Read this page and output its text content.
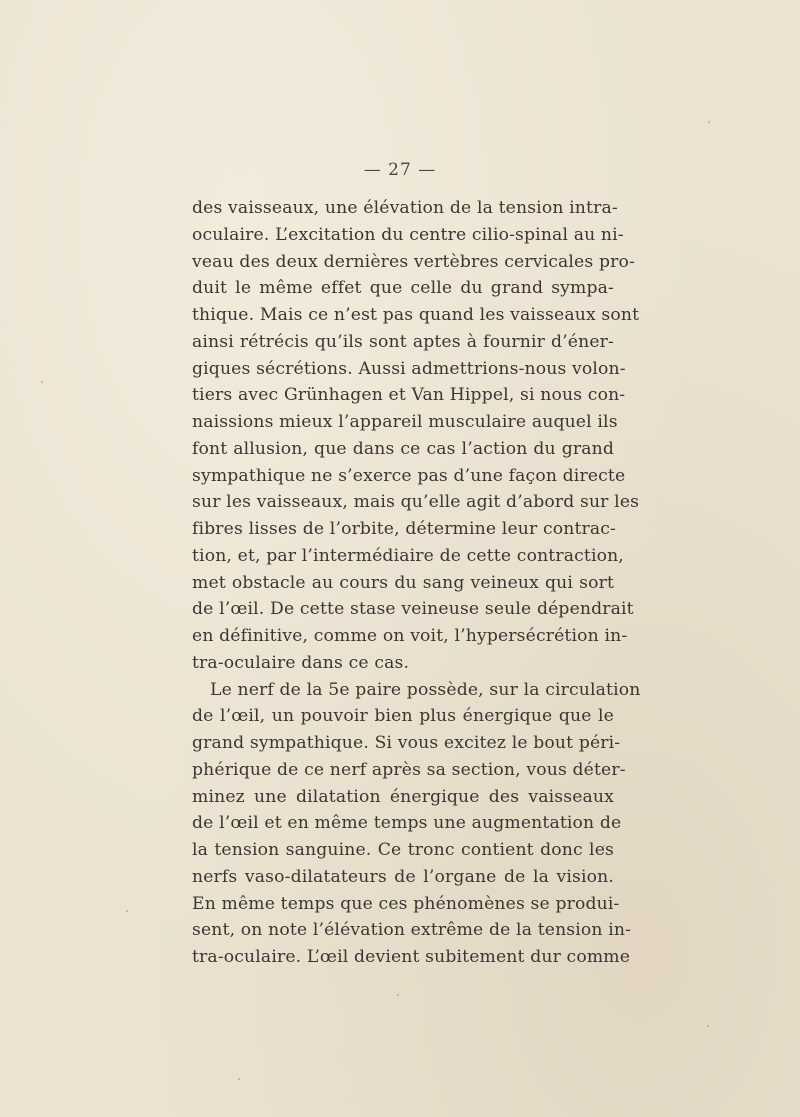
— 27 —
des vaisseaux, une élévation de la tension intra-
oculaire. L’excitation du centre cilio-spinal au ni-
veau des deux dernières vertèbres cervicales pro-
duit le même effet que celle du grand sympa-
thique. Mais ce n’est pas quand les vaisseaux sont
ainsi rétrécis qu’ils sont aptes à fournir d’éner-
giques sécrétions. Aussi admettrions-nous volon-
tiers avec Grünhagen et Van Hippel, si nous con-
naissions mieux l’appareil musculaire auquel ils
font allusion, que dans ce cas l’action du grand
sympathique ne s’exerce pas d’une façon directe
sur les vaisseaux, mais qu’elle agit d’abord sur les
fibres lisses de l’orbite, détermine leur contrac-
tion, et, par l’intermédiaire de cette contraction,
met obstacle au cours du sang veineux qui sort
de l’œil. De cette stase veineuse seule dépendrait
en définitive, comme on voit, l’hypersécrétion in-
tra-oculaire dans ce cas.
Le nerf de la 5e paire possède, sur la circulation
de l’œil, un pouvoir bien plus énergique que le
grand sympathique. Si vous excitez le bout péri-
phérique de ce nerf après sa section, vous déter-
minez une dilatation énergique des vaisseaux
de l’œil et en même temps une augmentation de
la tension sanguine. Ce tronc contient donc les
nerfs vaso-dilatateurs de l’organe de la vision.
En même temps que ces phénomènes se produi-
sent, on note l’élévation extrême de la tension in-
tra-oculaire. L’œil devient subitement dur comme
